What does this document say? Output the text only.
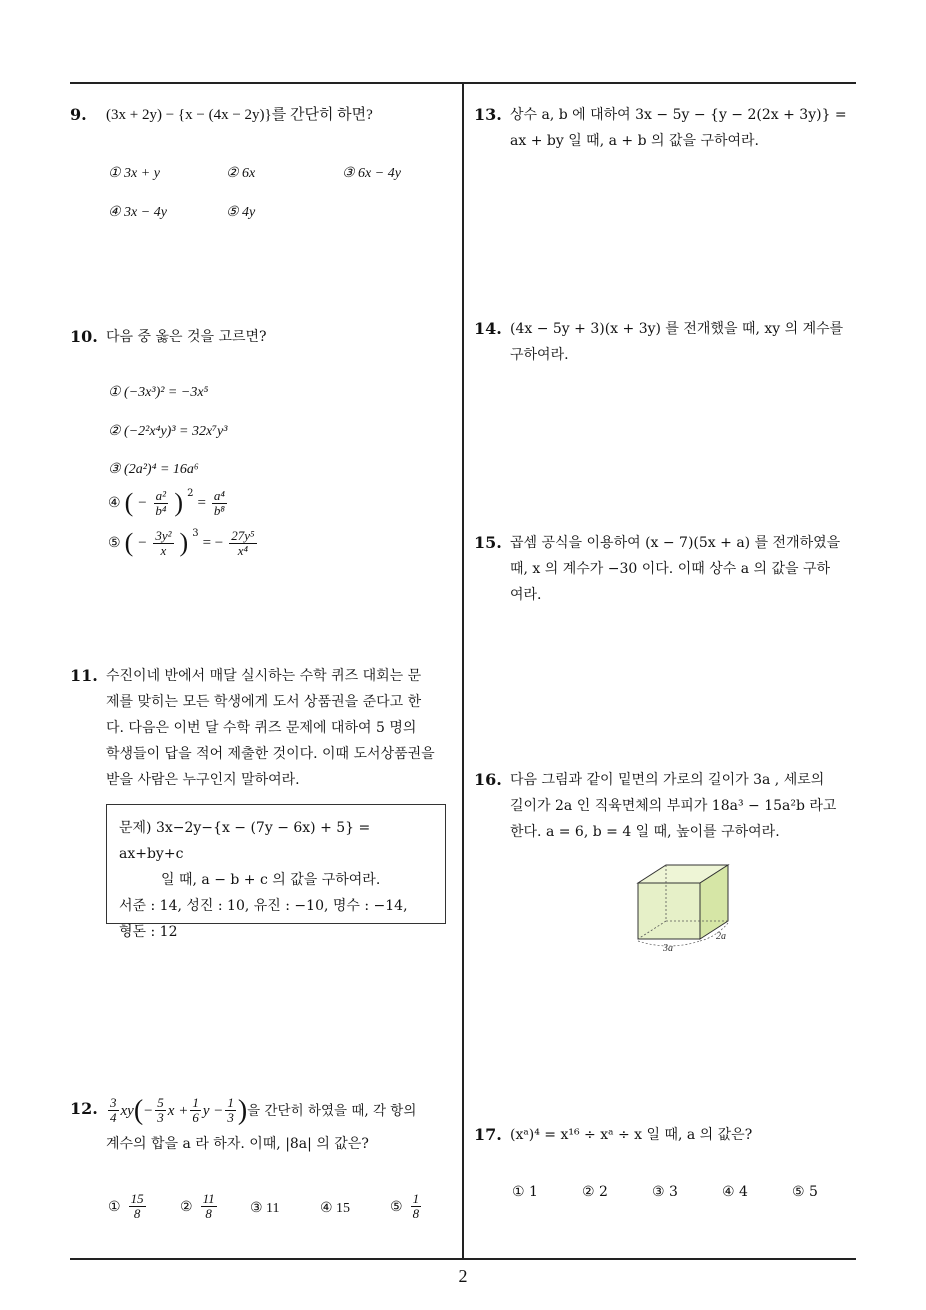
9.	(3x + 2y) − {x − (4x − 2y)}를 간단히 하면?
① 3x + y	② 6x	③ 6x − 4y
④ 3x − 4y	⑤ 4y
10. 다음 중 옳은 것을 고르면?
① (−3x³)² = −3x⁵
② (−2²x⁴y)³ = 32x⁷y³
③ (2a²)⁴ = 16a⁶
④ ( − $\frac{\text{a²}}{\text{b⁴}}$ ) $^2$
= $\frac{\text{a⁴}}{\text{b⁸}}$
⑤ ( − $\frac{\text{3y²}}{x}$ ) $^3$
= − $\frac{\text{27y⁵}}{\text{x⁴}}$
11. 수진이네 반에서 매달 실시하는 수학 퀴즈 대회는 문
제를 맞히는 모든 학생에게 도서 상품권을 준다고 한
다. 다음은 이번 달 수학 퀴즈 문제에 대하여 5 명의
학생들이 답을 적어 제출한 것이다. 이때 도서상품권을
받을 사람은 누구인지 말하여라.
문제) 3x−2y−{x − (7y − 6x) + 5} = ax+by+c
일 때, a − b + c 의 값을 구하여라.
서준 : 14, 성진 : 10, 유진 : −10, 명수 : −14,
형돈 : 12
12. $\frac{3}{4}$ xy ( − $\frac{5}{3}$ $x + \frac{1}{6}$ $y - \frac{1}{3}$ ) 을 간단히 하였을 때, 각 항의
계수의 합을 a 라 하자. 이때, |8a| 의 값은?
① $\frac{15}{8}$ ② $\frac{11}{8}$ ③ 11	④ 15	⑤ $\frac{1}{8}$
13. 상수 a, b 에 대하여 3x − 5y − {y − 2(2x + 3y)} =
ax + by 일 때, a + b 의 값을 구하여라.
14. (4x − 5y + 3)(x + 3y) 를 전개했을 때, xy 의 계수를
구하여라.
15. 곱셈 공식을 이용하여 (x − 7)(5x + a) 를 전개하였을
때, x 의 계수가 −30 이다. 이때 상수 a 의 값을 구하
여라.
16. 다음 그림과 같이 밑면의 가로의 길이가 3a , 세로의
길이가 2a 인 직육면체의 부피가 18a³ − 15a²b 라고
한다. a = 6, b = 4 일 때, 높이를 구하여라.
3a
2a
17. (xᵃ)⁴ = x¹⁶ ÷ xᵃ ÷ x 일 때, a 의 값은?
① 1	② 2	③ 3	④ 4	⑤ 5
2
